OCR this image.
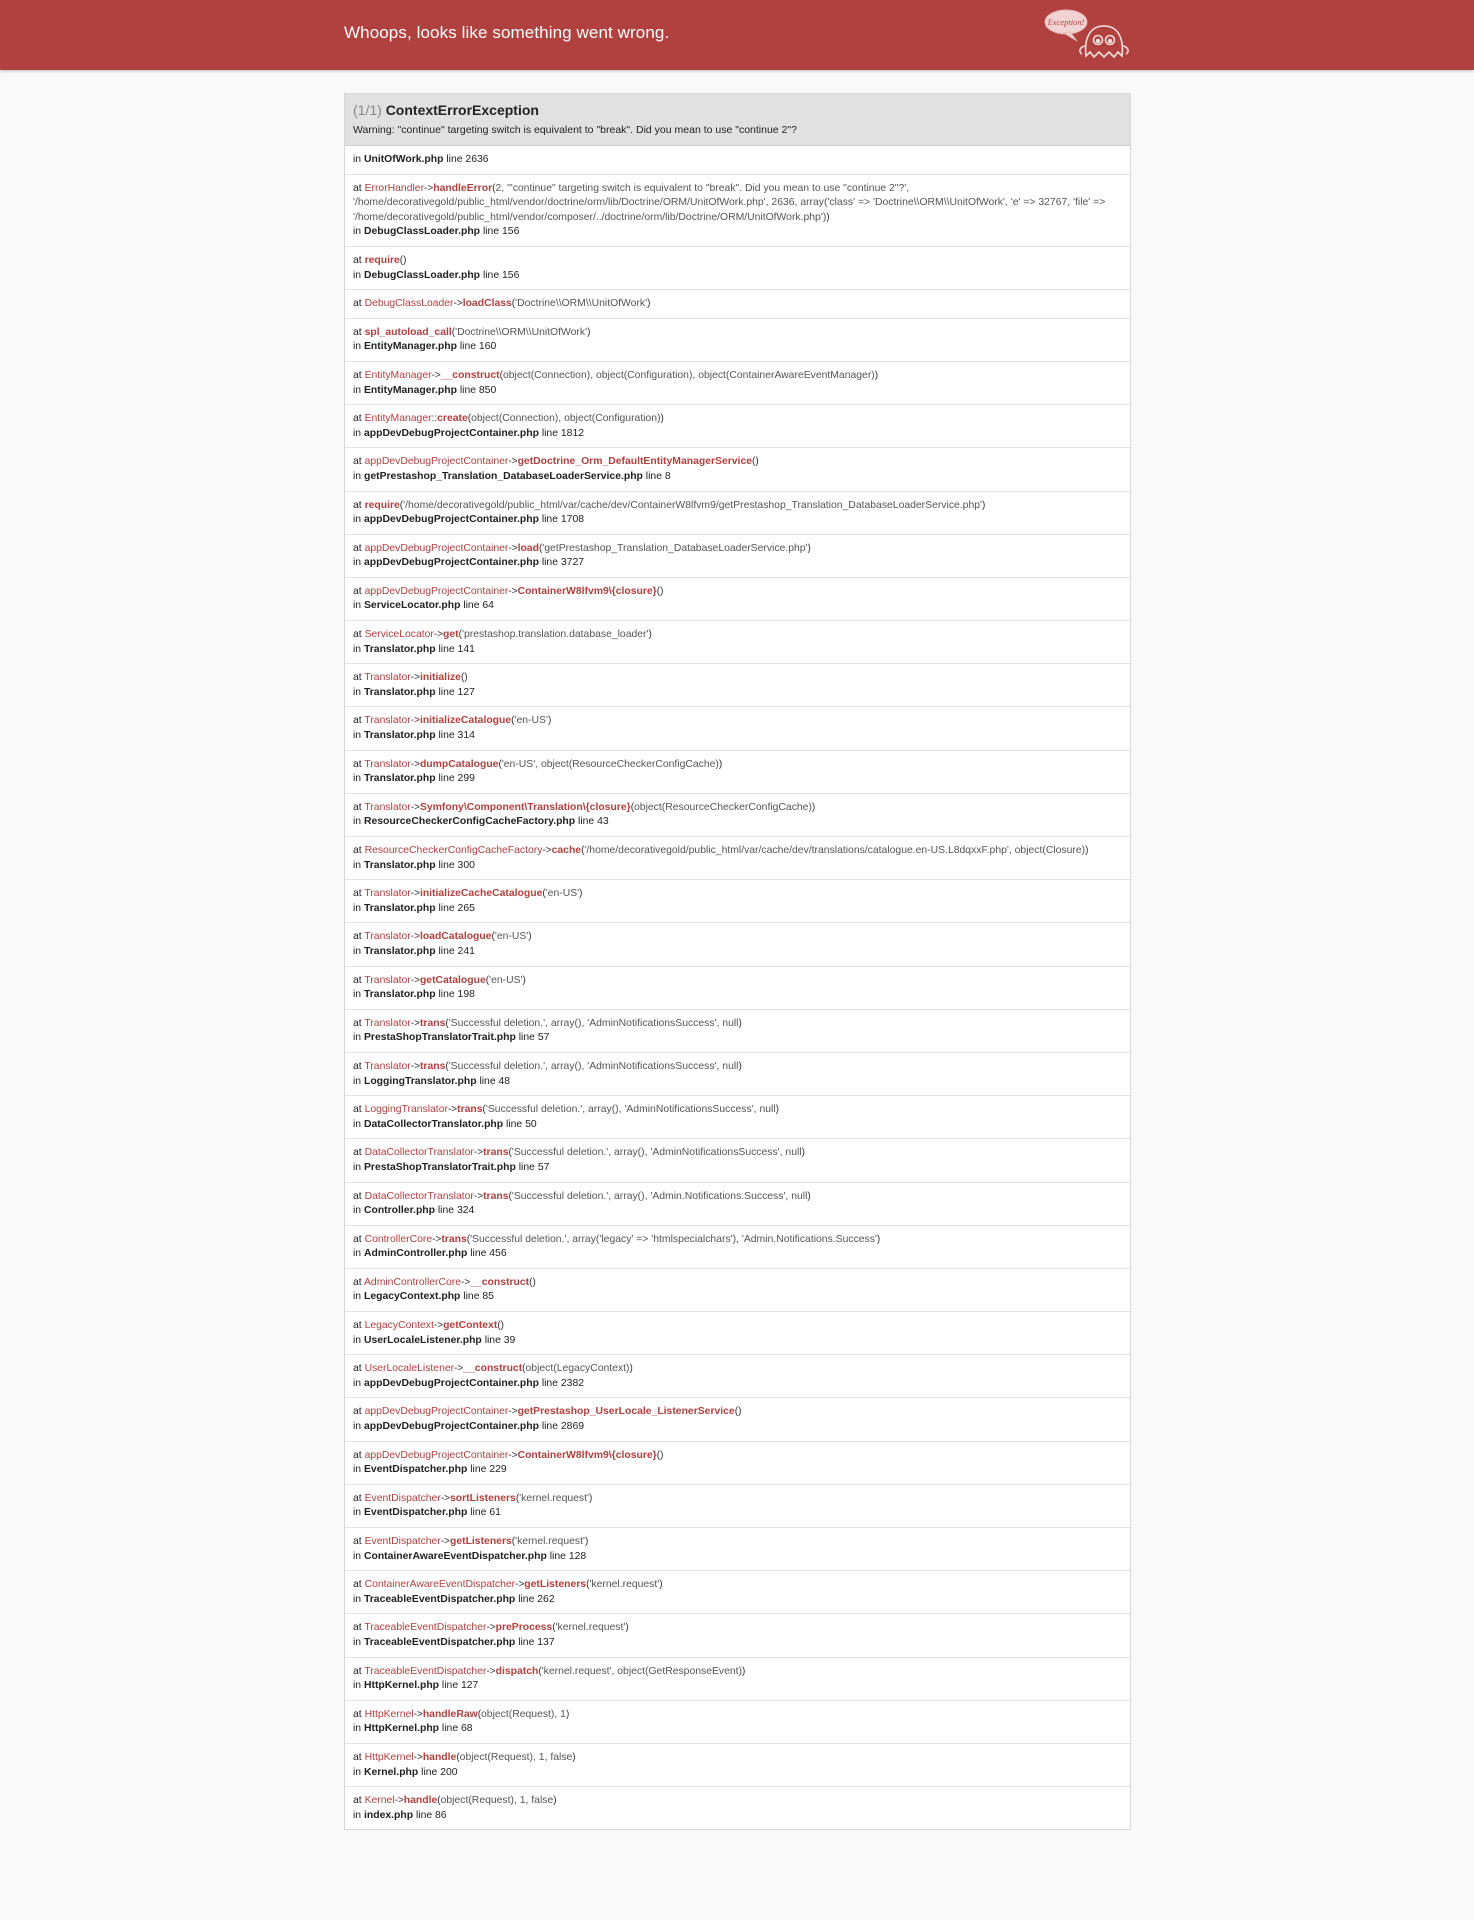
Whoops, looks like something went wrong.
Exception!
(1/1) ContextErrorException

Warning: "continue" targeting switch is equivalent to "break". Did you mean to use "continue 2"?

in UnitOfWork.php line 2636
at ErrorHandler->handleError(2, '"continue" targeting switch is equivalent to "break". Did you mean to use "continue 2"?', '/home/decorativegold/public_html/vendor/doctrine/orm/lib/Doctrine/ORM/UnitOfWork.php', 2636, array('class' => 'Doctrine\\ORM\\UnitOfWork', 'e' => 32767, 'file' => '/home/decorativegold/public_html/vendor/composer/../doctrine/orm/lib/Doctrine/ORM/UnitOfWork.php'))
in DebugClassLoader.php line 156
at require()
in DebugClassLoader.php line 156
at DebugClassLoader->loadClass('Doctrine\\ORM\\UnitOfWork')
at spl_autoload_call('Doctrine\\ORM\\UnitOfWork')
in EntityManager.php line 160
at EntityManager->__construct(object(Connection), object(Configuration), object(ContainerAwareEventManager))
in EntityManager.php line 850
at EntityManager::create(object(Connection), object(Configuration))
in appDevDebugProjectContainer.php line 1812
at appDevDebugProjectContainer->getDoctrine_Orm_DefaultEntityManagerService()
in getPrestashop_Translation_DatabaseLoaderService.php line 8
at require('/home/decorativegold/public_html/var/cache/dev/ContainerW8lfvm9/getPrestashop_Translation_DatabaseLoaderService.php')
in appDevDebugProjectContainer.php line 1708
at appDevDebugProjectContainer->load('getPrestashop_Translation_DatabaseLoaderService.php')
in appDevDebugProjectContainer.php line 3727
at appDevDebugProjectContainer->ContainerW8lfvm9\{closure}()
in ServiceLocator.php line 64
at ServiceLocator->get('prestashop.translation.database_loader')
in Translator.php line 141
at Translator->initialize()
in Translator.php line 127
at Translator->initializeCatalogue('en-US')
in Translator.php line 314
at Translator->dumpCatalogue('en-US', object(ResourceCheckerConfigCache))
in Translator.php line 299
at Translator->Symfony\Component\Translation\{closure}(object(ResourceCheckerConfigCache))
in ResourceCheckerConfigCacheFactory.php line 43
at ResourceCheckerConfigCacheFactory->cache('/home/decorativegold/public_html/var/cache/dev/translations/catalogue.en-US.L8dqxxF.php', object(Closure))
in Translator.php line 300
at Translator->initializeCacheCatalogue('en-US')
in Translator.php line 265
at Translator->loadCatalogue('en-US')
in Translator.php line 241
at Translator->getCatalogue('en-US')
in Translator.php line 198
at Translator->trans('Successful deletion.', array(), 'AdminNotificationsSuccess', null)
in PrestaShopTranslatorTrait.php line 57
at Translator->trans('Successful deletion.', array(), 'AdminNotificationsSuccess', null)
in LoggingTranslator.php line 48
at LoggingTranslator->trans('Successful deletion.', array(), 'AdminNotificationsSuccess', null)
in DataCollectorTranslator.php line 50
at DataCollectorTranslator->trans('Successful deletion.', array(), 'AdminNotificationsSuccess', null)
in PrestaShopTranslatorTrait.php line 57
at DataCollectorTranslator->trans('Successful deletion.', array(), 'Admin.Notifications.Success', null)
in Controller.php line 324
at ControllerCore->trans('Successful deletion.', array('legacy' => 'htmlspecialchars'), 'Admin.Notifications.Success')
in AdminController.php line 456
at AdminControllerCore->__construct()
in LegacyContext.php line 85
at LegacyContext->getContext()
in UserLocaleListener.php line 39
at UserLocaleListener->__construct(object(LegacyContext))
in appDevDebugProjectContainer.php line 2382
at appDevDebugProjectContainer->getPrestashop_UserLocale_ListenerService()
in appDevDebugProjectContainer.php line 2869
at appDevDebugProjectContainer->ContainerW8lfvm9\{closure}()
in EventDispatcher.php line 229
at EventDispatcher->sortListeners('kernel.request')
in EventDispatcher.php line 61
at EventDispatcher->getListeners('kernel.request')
in ContainerAwareEventDispatcher.php line 128
at ContainerAwareEventDispatcher->getListeners('kernel.request')
in TraceableEventDispatcher.php line 262
at TraceableEventDispatcher->preProcess('kernel.request')
in TraceableEventDispatcher.php line 137
at TraceableEventDispatcher->dispatch('kernel.request', object(GetResponseEvent))
in HttpKernel.php line 127
at HttpKernel->handleRaw(object(Request), 1)
in HttpKernel.php line 68
at HttpKernel->handle(object(Request), 1, false)
in Kernel.php line 200
at Kernel->handle(object(Request), 1, false)
in index.php line 86
